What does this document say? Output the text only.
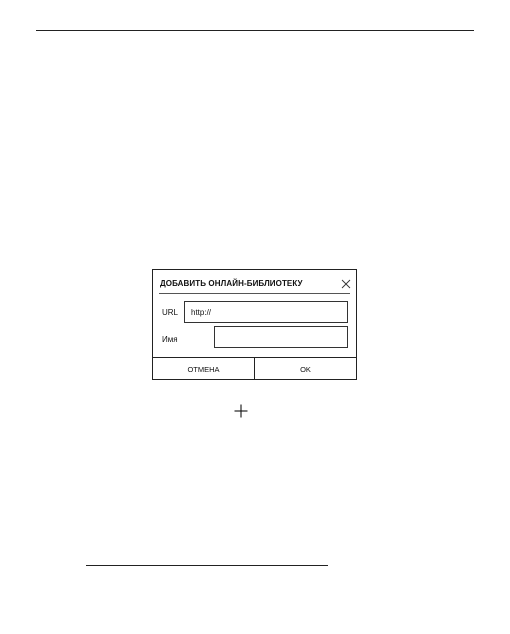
ДОБАВИТЬ ОНЛАЙН-БИБЛИОТЕКУ
URL
http://
Имя
ОТМЕНА	OK
